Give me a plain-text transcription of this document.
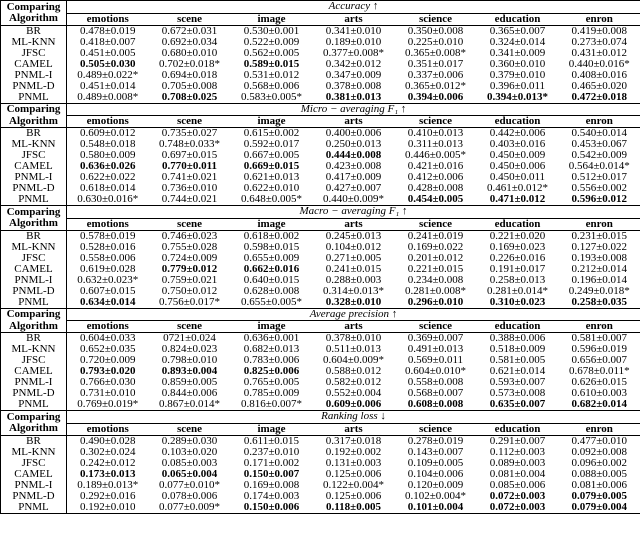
Comparing	Accuracy ↑						
Algorithm	emotions	scene	image	arts	science	education	enron
BR	0.478±0.019	0.672±0.031	0.530±0.001	0.341±0.010	0.350±0.008	0.365±0.007	0.419±0.008
ML-KNN	0.418±0.007	0.692±0.034	0.522±0.009	0.189±0.010	0.225±0.010	0.324±0.014	0.273±0.074
JFSC	0.451±0.005	0.680±0.010	0.562±0.005	0.377±0.008*	0.365±0.008*	0.341±0.009	0.431±0.012
CAMEL	0.505±0.030	0.702±0.018*	0.589±0.015	0.342±0.012	0.351±0.017	0.360±0.010	0.440±0.016*
PNML-I	0.489±0.022*	0.694±0.018	0.531±0.012	0.347±0.009	0.337±0.006	0.379±0.010	0.408±0.016
PNML-D	0.451±0.014	0.705±0.008	0.568±0.006	0.378±0.008	0.365±0.012*	0.396±0.011	0.465±0.020
PNML	0.489±0.008*	0.708±0.025	0.583±0.005*	0.381±0.013	0.394±0.006	0.394±0.013*	0.472±0.018
Comparing	Micro − averaging F₁ ↑						
Algorithm	emotions	scene	image	arts	science	education	enron
BR	0.609±0.012	0.735±0.027	0.615±0.002	0.400±0.006	0.410±0.013	0.442±0.006	0.540±0.014
ML-KNN	0.548±0.018	0.748±0.033*	0.592±0.017	0.250±0.013	0.311±0.013	0.403±0.016	0.453±0.067
JFSC	0.580±0.009	0.697±0.015	0.667±0.005	0.444±0.008	0.446±0.005*	0.450±0.009	0.542±0.009
CAMEL	0.636±0.026	0.770±0.011	0.669±0.015	0.423±0.008	0.421±0.016	0.450±0.006	0.564±0.014*
PNML-I	0.622±0.022	0.741±0.021	0.621±0.013	0.417±0.009	0.412±0.006	0.450±0.011	0.512±0.017
PNML-D	0.618±0.014	0.736±0.010	0.622±0.010	0.427±0.007	0.428±0.008	0.461±0.012*	0.556±0.002
PNML	0.630±0.016*	0.744±0.021	0.648±0.005*	0.440±0.009*	0.454±0.005	0.471±0.012	0.596±0.012
Comparing	Macro − averaging F₁ ↑						
Algorithm	emotions	scene	image	arts	science	education	enron
BR	0.578±0.019	0.746±0.023	0.618±0.002	0.245±0.013	0.241±0.019	0.221±0.020	0.231±0.015
ML-KNN	0.528±0.016	0.755±0.028	0.598±0.015	0.104±0.012	0.169±0.022	0.169±0.023	0.127±0.022
JFSC	0.558±0.006	0.724±0.009	0.655±0.009	0.271±0.005	0.201±0.012	0.226±0.016	0.193±0.008
CAMEL	0.619±0.028	0.779±0.012	0.662±0.016	0.241±0.015	0.221±0.015	0.191±0.017	0.212±0.014
PNML-I	0.632±0.023*	0.759±0.021	0.640±0.015	0.288±0.003	0.234±0.008	0.258±0.013	0.196±0.014
PNML-D	0.607±0.015	0.750±0.012	0.628±0.008	0.314±0.013*	0.281±0.008*	0.281±0.014*	0.249±0.018*
PNML	0.634±0.014	0.756±0.017*	0.655±0.005*	0.328±0.010	0.296±0.010	0.310±0.023	0.258±0.035
Comparing	Average precision ↑						
Algorithm	emotions	scene	image	arts	science	education	enron
BR	0.604±0.033	0721±0.024	0.636±0.001	0.378±0.010	0.369±0.007	0.388±0.006	0.581±0.007
ML-KNN	0.652±0.035	0.824±0.023	0.682±0.013	0.511±0.013	0.491±0.013	0.518±0.009	0.596±0.019
JFSC	0.720±0.009	0.798±0.010	0.783±0.006	0.604±0.009*	0.569±0.011	0.581±0.005	0.656±0.007
CAMEL	0.793±0.020	0.893±0.004	0.825±0.006	0.588±0.012	0.604±0.010*	0.621±0.014	0.678±0.011*
PNML-I	0.766±0.030	0.859±0.005	0.765±0.005	0.582±0.012	0.558±0.008	0.593±0.007	0.626±0.015
PNML-D	0.731±0.010	0.844±0.006	0.785±0.009	0.552±0.004	0.568±0.007	0.573±0.008	0.610±0.003
PNML	0.769±0.019*	0.867±0.014*	0.816±0.007*	0.609±0.006	0.608±0.008	0.635±0.007	0.682±0.014
Comparing	Ranking loss ↓						
Algorithm	emotions	scene	image	arts	science	education	enron
BR	0.490±0.028	0.289±0.030	0.611±0.015	0.317±0.018	0.278±0.019	0.291±0.007	0.477±0.010
ML-KNN	0.302±0.024	0.103±0.020	0.237±0.010	0.192±0.002	0.143±0.007	0.112±0.003	0.092±0.008
JFSC	0.242±0.012	0.085±0.003	0.171±0.002	0.131±0.003	0.109±0.005	0.089±0.003	0.096±0.002
CAMEL	0.173±0.013	0.065±0.004	0.150±0.007	0.125±0.006	0.104±0.006	0.081±0.004	0.088±0.005
PNML-I	0.189±0.013*	0.077±0.010*	0.169±0.008	0.122±0.004*	0.120±0.009	0.085±0.006	0.081±0.006
PNML-D	0.292±0.016	0.078±0.006	0.174±0.003	0.125±0.006	0.102±0.004*	0.072±0.003	0.079±0.005
PNML	0.192±0.010	0.077±0.009*	0.150±0.006	0.118±0.005	0.101±0.004	0.072±0.003	0.079±0.004
